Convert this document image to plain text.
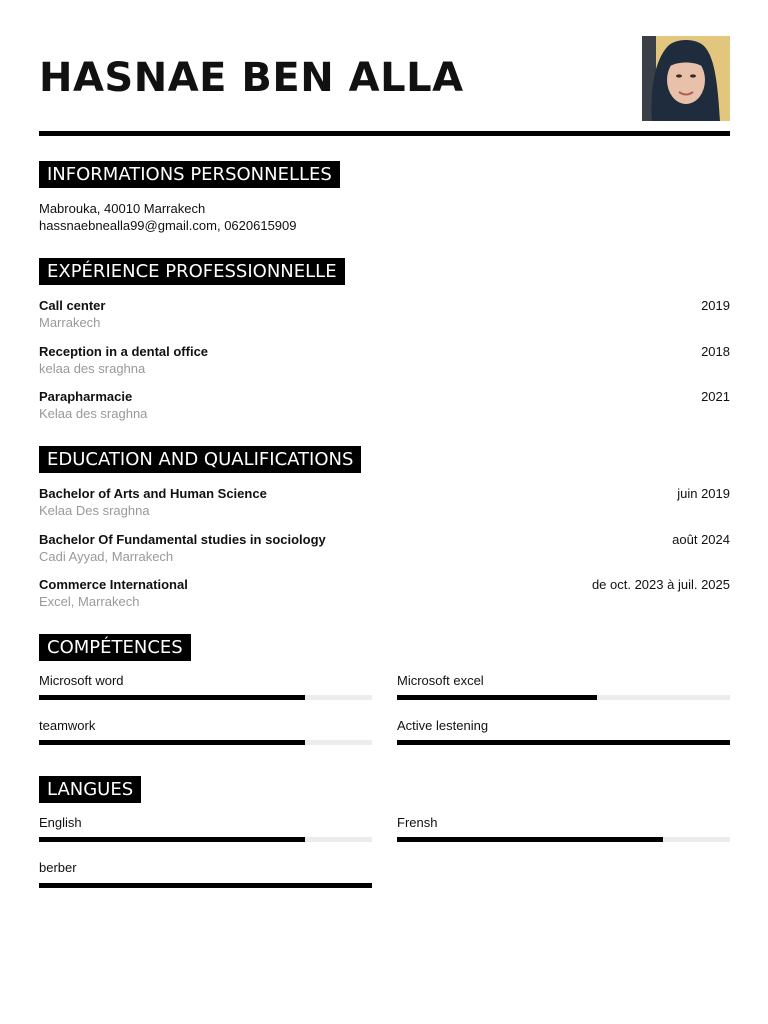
HASNAE BEN ALLA
INFORMATIONS PERSONNELLES
Mabrouka, 40010 Marrakech
hassnaebnealla99@gmail.com, 0620615909
EXPÉRIENCE PROFESSIONNELLE
Call center	2019
Marrakech
Reception in a dental office	2018
kelaa des sraghna
Parapharmacie	2021
Kelaa des sraghna
EDUCATION AND QUALIFICATIONS
Bachelor of Arts and Human Science	juin 2019
Kelaa Des sraghna
Bachelor Of Fundamental studies in sociology	août 2024
Cadi Ayyad, Marrakech
Commerce International	de oct. 2023 à juil. 2025
Excel, Marrakech
COMPÉTENCES
Microsoft word	Microsoft excel
teamwork	Active lestening
LANGUES
English	Frensh
berber
